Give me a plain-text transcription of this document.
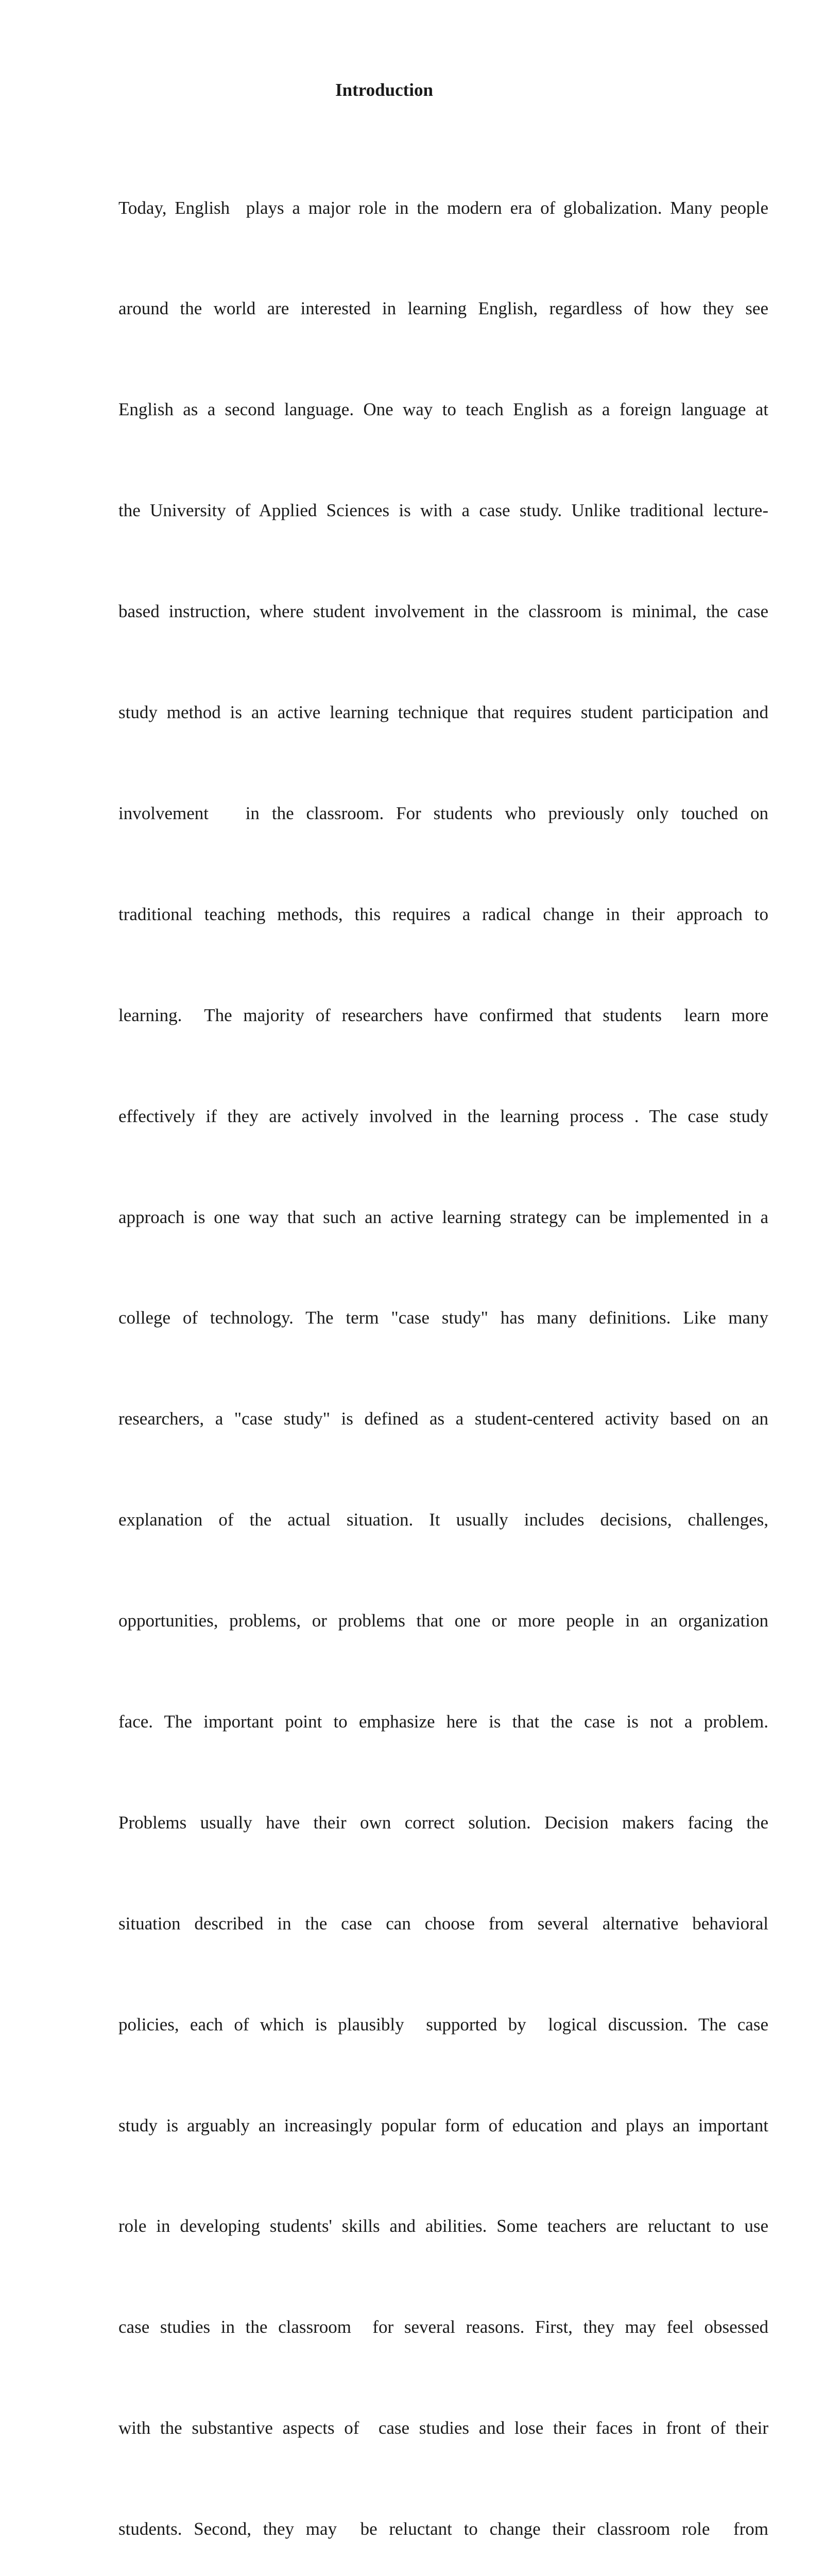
Introduction

Today, English  plays a major role in the modern era of globalization. Many people

around the world are interested in learning English, regardless of how they see

English as a second language. One way to teach English as a foreign language at

the University of Applied Sciences is with a case study. Unlike traditional lecture-

based instruction, where student involvement in the classroom is minimal, the case

study method is an active learning technique that requires student participation and

involvement   in the classroom. For students who previously only touched on

traditional teaching methods, this requires a radical change in their approach to

learning.  The majority of researchers have confirmed that students  learn more

effectively if they are actively involved in the learning process . The case study

approach is one way that such an active learning strategy can be implemented in a

college of technology. The term "case study" has many definitions. Like many

researchers, a "case study" is defined as a student-centered activity based on an

explanation of the actual situation. It usually includes decisions, challenges,

opportunities, problems, or problems that one or more people in an organization

face. The important point to emphasize here is that the case is not a problem.

Problems usually have their own correct solution. Decision makers facing the

situation described in the case can choose from several alternative behavioral

policies, each of which is plausibly  supported by  logical discussion. The case

study is arguably an increasingly popular form of education and plays an important

role in developing students' skills and abilities. Some teachers are reluctant to use

case studies in the classroom  for several reasons. First, they may feel obsessed

with the substantive aspects of  case studies and lose their faces in front of their

students. Second, they may  be reluctant to change their classroom role  from
